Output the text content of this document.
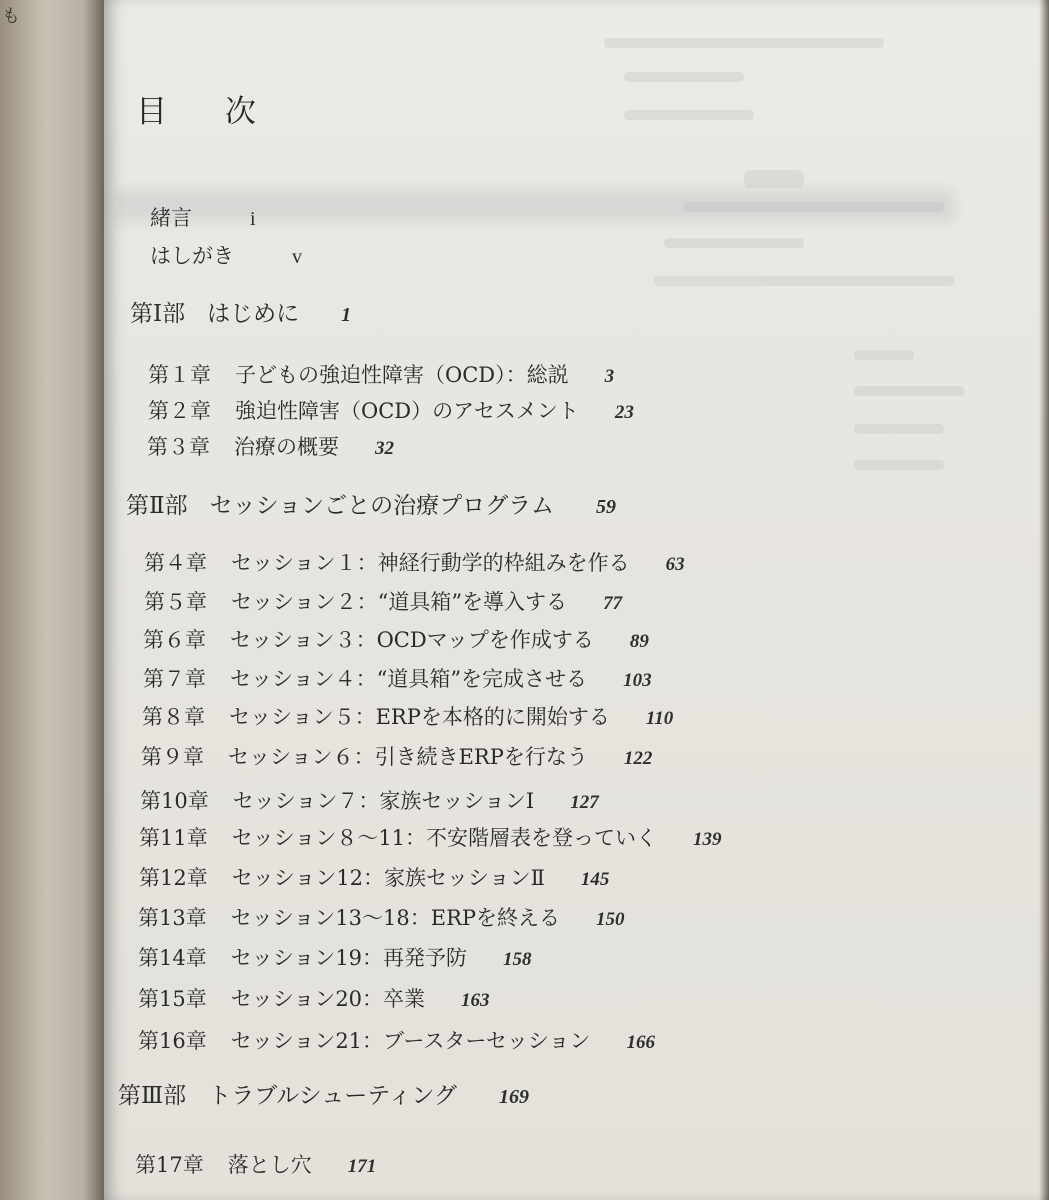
も
目 次
緒言	i
はしがき	v
第Ⅰ部 はじめに 1
第１章 子どもの強迫性障害（OCD）：総説 3
第２章 強迫性障害（OCD）のアセスメント 23
第３章 治療の概要 32
第Ⅱ部 セッションごとの治療プログラム 59
第４章 セッション１：神経行動学的枠組みを作る 63
第５章 セッション２：“道具箱”を導入する 77
第６章 セッション３：OCDマップを作成する 89
第７章 セッション４：“道具箱”を完成させる 103
第８章 セッション５：ERPを本格的に開始する 110
第９章 セッション６：引き続きERPを行なう 122
第10章 セッション７：家族セッションⅠ 127
第11章 セッション８～11：不安階層表を登っていく 139
第12章 セッション12：家族セッションⅡ 145
第13章 セッション13～18：ERPを終える 150
第14章 セッション19：再発予防 158
第15章 セッション20：卒業 163
第16章 セッション21：ブースターセッション 166
第Ⅲ部 トラブルシューティング 169
第17章 落とし穴 171
